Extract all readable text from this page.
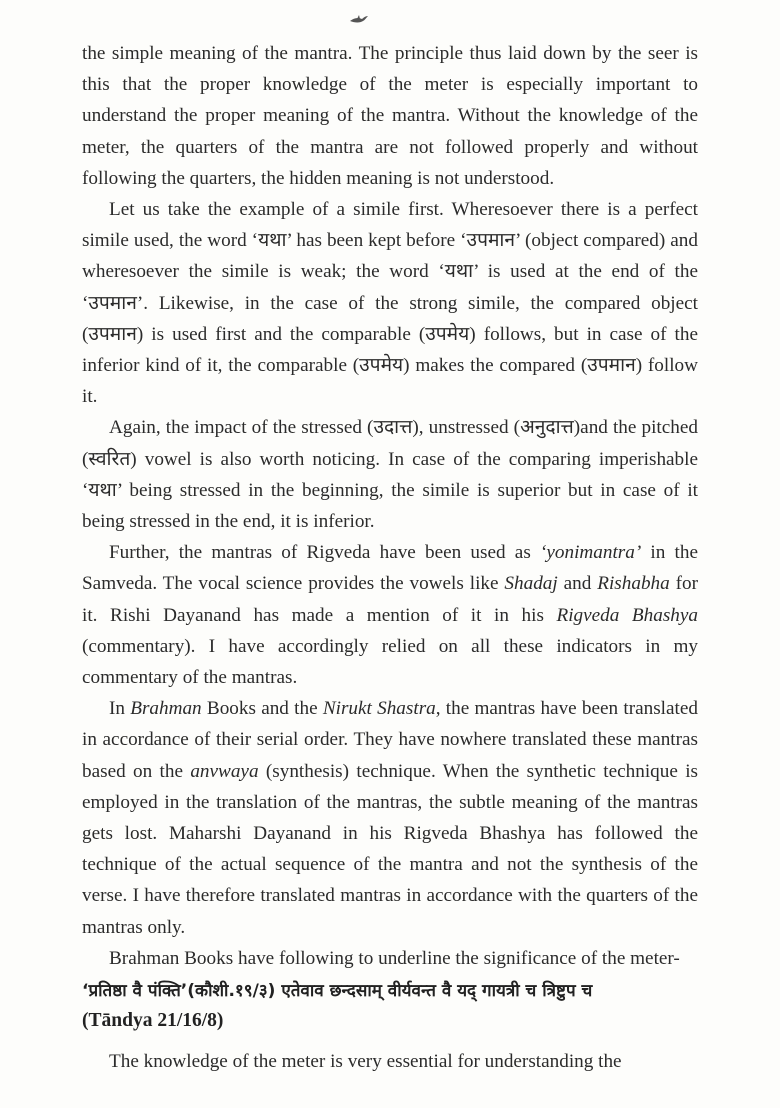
the simple meaning of the mantra. The principle thus laid down by the seer is this that the proper knowledge of the meter is especially important to understand the proper meaning of the mantra. Without the knowledge of the meter, the quarters of the mantra are not followed properly and without following the quarters, the hidden meaning is not understood.

Let us take the example of a simile first. Wheresoever there is a perfect simile used, the word ‘यथा’ has been kept before ‘उपमान’ (object compared) and wheresoever the simile is weak; the word ‘यथा’ is used at the end of the ‘उपमान’. Likewise, in the case of the strong simile, the compared object (उपमान) is used first and the comparable (उपमेय) follows, but in case of the inferior kind of it, the comparable (उपमेय) makes the compared (उपमान) follow it.

Again, the impact of the stressed (उदात्त), unstressed (अनुदात्त)and the pitched (स्वरित) vowel is also worth noticing. In case of the comparing imperishable ‘यथा’ being stressed in the beginning, the simile is superior but in case of it being stressed in the end, it is inferior.

Further, the mantras of Rigveda have been used as ‘yonimantra’ in the Samveda. The vocal science provides the vowels like Shadaj and Rishabha for it. Rishi Dayanand has made a mention of it in his Rigveda Bhashya (commentary). I have accordingly relied on all these indicators in my commentary of the mantras.

In Brahman Books and the Nirukt Shastra, the mantras have been translated in accordance of their serial order. They have nowhere translated these mantras based on the anvwaya (synthesis) technique. When the synthetic technique is employed in the translation of the mantras, the subtle meaning of the mantras gets lost. Maharshi Dayanand in his Rigveda Bhashya has followed the technique of the actual sequence of the mantra and not the synthesis of the verse. I have therefore translated mantras in accordance with the quarters of the mantras only.

Brahman Books have following to underline the significance of the meter-

‘प्रतिष्ठा वै पंक्ति’(कौशी.१९/३) एतेवाव छन्दसाम् वीर्यवन्त वै यद् गायत्री च त्रिष्टुप च
(Tāndya 21/16/8)

The knowledge of the meter is very essential for understanding the
